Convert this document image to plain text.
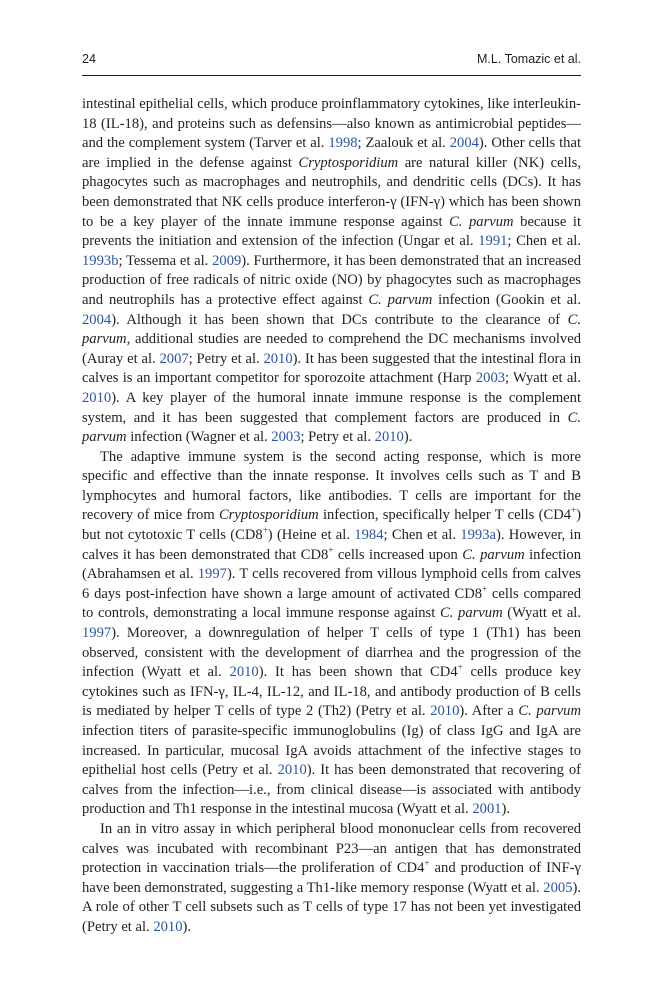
24	M.L. Tomazic et al.

intestinal epithelial cells, which produce proinflammatory cytokines, like interleukin-18 (IL-18), and proteins such as defensins—also known as antimicrobial peptides—and the complement system (Tarver et al. 1998; Zaalouk et al. 2004). Other cells that are implied in the defense against Cryptosporidium are natural killer (NK) cells, phagocytes such as macrophages and neutrophils, and dendritic cells (DCs). It has been demonstrated that NK cells produce interferon-γ (IFN-γ) which has been shown to be a key player of the innate immune response against C. parvum because it prevents the initiation and extension of the infection (Ungar et al. 1991; Chen et al. 1993b; Tessema et al. 2009). Furthermore, it has been demonstrated that an increased production of free radicals of nitric oxide (NO) by phagocytes such as macrophages and neutrophils has a protective effect against C. parvum infection (Gookin et al. 2004). Although it has been shown that DCs contribute to the clearance of C. parvum, additional studies are needed to comprehend the DC mechanisms involved (Auray et al. 2007; Petry et al. 2010). It has been suggested that the intestinal flora in calves is an important competitor for sporozoite attachment (Harp 2003; Wyatt et al. 2010). A key player of the humoral innate immune response is the complement system, and it has been suggested that complement factors are produced in C. parvum infection (Wagner et al. 2003; Petry et al. 2010).

The adaptive immune system is the second acting response, which is more specific and effective than the innate response. It involves cells such as T and B lymphocytes and humoral factors, like antibodies. T cells are important for the recovery of mice from Cryptosporidium infection, specifically helper T cells (CD4+) but not cytotoxic T cells (CD8+) (Heine et al. 1984; Chen et al. 1993a). However, in calves it has been demonstrated that CD8+ cells increased upon C. parvum infection (Abrahamsen et al. 1997). T cells recovered from villous lymphoid cells from calves 6 days post-infection have shown a large amount of activated CD8+ cells compared to controls, demonstrating a local immune response against C. parvum (Wyatt et al. 1997). Moreover, a downregulation of helper T cells of type 1 (Th1) has been observed, consistent with the development of diarrhea and the progression of the infection (Wyatt et al. 2010). It has been shown that CD4+ cells produce key cytokines such as IFN-γ, IL-4, IL-12, and IL-18, and antibody production of B cells is mediated by helper T cells of type 2 (Th2) (Petry et al. 2010). After a C. parvum infection titers of parasite-specific immunoglobulins (Ig) of class IgG and IgA are increased. In particular, mucosal IgA avoids attachment of the infective stages to epithelial host cells (Petry et al. 2010). It has been demonstrated that recovering of calves from the infection—i.e., from clinical disease—is associated with antibody production and Th1 response in the intestinal mucosa (Wyatt et al. 2001).

In an in vitro assay in which peripheral blood mononuclear cells from recovered calves was incubated with recombinant P23—an antigen that has demonstrated protection in vaccination trials—the proliferation of CD4+ and production of INF-γ have been demonstrated, suggesting a Th1-like memory response (Wyatt et al. 2005). A role of other T cell subsets such as T cells of type 17 has not been yet investigated (Petry et al. 2010).
